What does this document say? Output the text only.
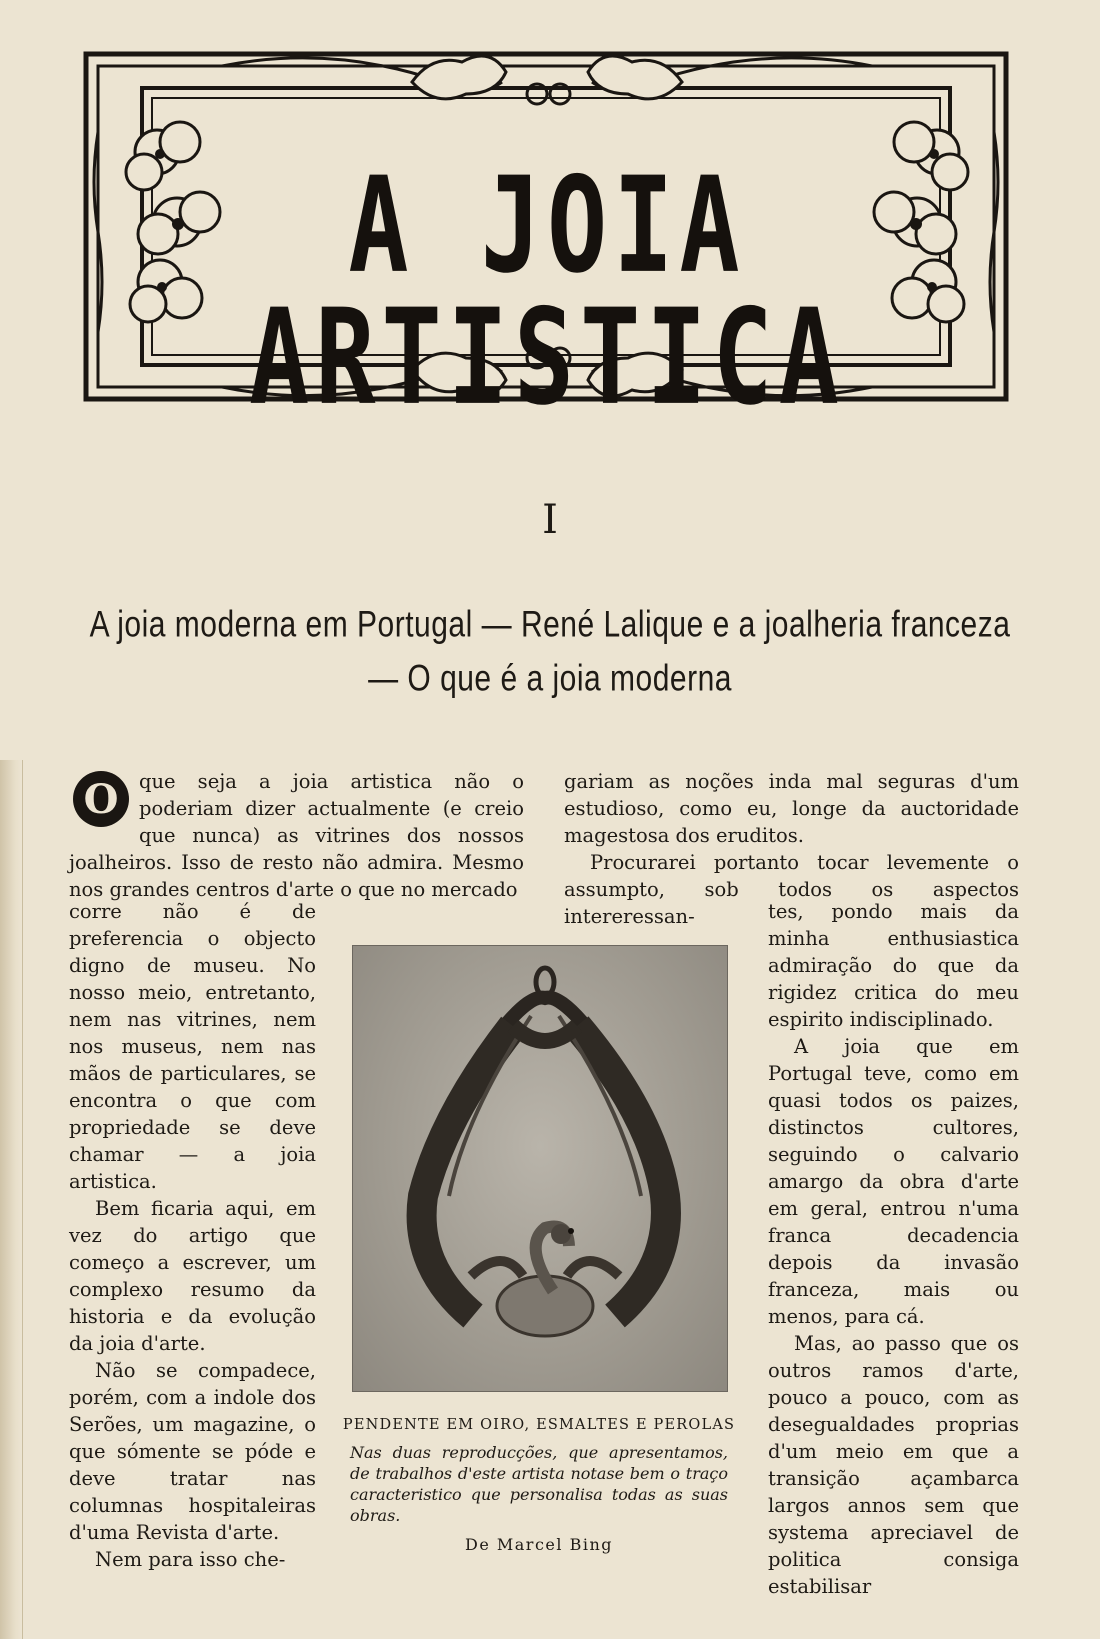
A JOIA ARTISTICA
I
A joia moderna em Portugal — René Lalique e a joalheria franceza
— O que é a joia moderna
O	que seja a joia artistica não o poderiam dizer actualmente (e creio que nunca) as vitrines dos nossos joalheiros. Isso de resto não admira. Mesmo nos grandes centros d'arte o que no mercado

corre não é de preferencia o objecto digno de museu. No nosso meio, entretanto, nem nas vitrines, nem nos museus, nem nas mãos de particulares, se encontra o que com propriedade se deve chamar — a joia artistica.

Bem ficaria aqui, em vez do artigo que começo a escrever, um complexo resumo da historia e da evolução da joia d'arte.

Não se compadece, porém, com a indole dos Serões, um magazine, o que sómente se póde e deve tratar nas columnas hospitaleiras d'uma Revista d'arte.

Nem para isso che-

gariam as noções inda mal seguras d'um estudioso, como eu, longe da auctoridade magestosa dos eruditos.

Procurarei portanto tocar levemente o assumpto, sob todos os aspectos intereressan-	tes, pondo mais da minha enthusiastica admiração do que da rigidez critica do meu espirito indisciplinado.

A joia que em Portugal teve, como em quasi todos os paizes, distinctos cultores, seguindo o calvario amargo da obra d'arte em geral, entrou n'uma franca decadencia depois da invasão franceza, mais ou menos, para cá.

Mas, ao passo que os outros ramos d'arte, pouco a pouco, com as desegualdades proprias d'um meio em que a transição açambarca largos annos sem que systema apreciavel de politica consiga estabilisar

PENDENTE EM OIRO, ESMALTES E PEROLAS
Nas duas reproducções, que apresentamos, de trabalhos d'este artista notase bem o traço caracteristico que personalisa todas as suas obras.
De Marcel Bing
